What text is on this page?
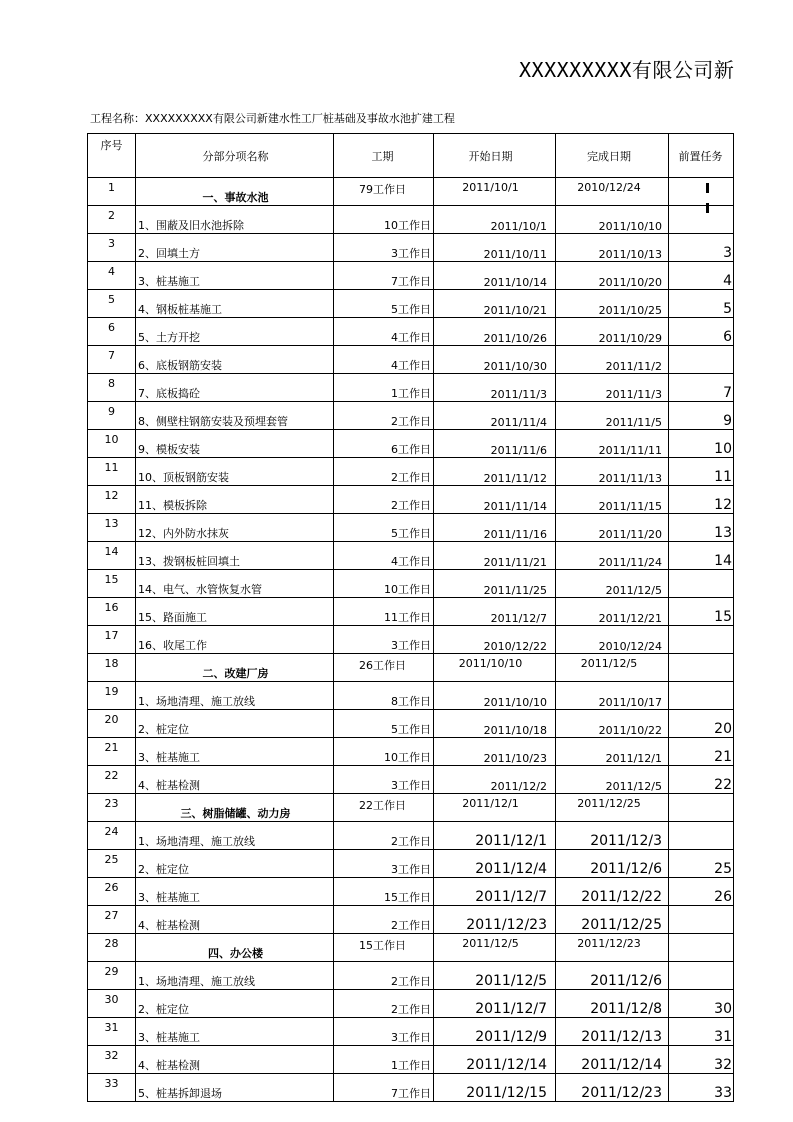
XXXXXXXXX有限公司新
工程名称：XXXXXXXXX有限公司新建水性工厂桩基础及事故水池扩建工程
序号	分部分项名称	工期	开始日期	完成日期	前置任务
1	一、事故水池	79工作日	2011/10/1	2010/12/24	
2	1、围蔽及旧水池拆除	10工作日	2011/10/1	2011/10/10	
3	2、回填土方	3工作日	2011/10/11	2011/10/13	3
4	3、桩基施工	7工作日	2011/10/14	2011/10/20	4
5	4、钢板桩基施工	5工作日	2011/10/21	2011/10/25	5
6	5、土方开挖	4工作日	2011/10/26	2011/10/29	6
7	6、底板钢筋安装	4工作日	2011/10/30	2011/11/2	
8	7、底板捣砼	1工作日	2011/11/3	2011/11/3	7
9	8、侧壁柱钢筋安装及预埋套管	2工作日	2011/11/4	2011/11/5	9
10	9、模板安装	6工作日	2011/11/6	2011/11/11	10
11	10、顶板钢筋安装	2工作日	2011/11/12	2011/11/13	11
12	11、模板拆除	2工作日	2011/11/14	2011/11/15	12
13	12、内外防水抹灰	5工作日	2011/11/16	2011/11/20	13
14	13、拨钢板桩回填土	4工作日	2011/11/21	2011/11/24	14
15	14、电气、水管恢复水管	10工作日	2011/11/25	2011/12/5	
16	15、路面施工	11工作日	2011/12/7	2011/12/21	15
17	16、收尾工作	3工作日	2010/12/22	2010/12/24	
18	二、改建厂房	26工作日	2011/10/10	2011/12/5	
19	1、场地清理、施工放线	8工作日	2011/10/10	2011/10/17	
20	2、桩定位	5工作日	2011/10/18	2011/10/22	20
21	3、桩基施工	10工作日	2011/10/23	2011/12/1	21
22	4、桩基检测	3工作日	2011/12/2	2011/12/5	22
23	三、树脂储罐、动力房	22工作日	2011/12/1	2011/12/25	
24	1、场地清理、施工放线	2工作日	2011/12/1	2011/12/3	
25	2、桩定位	3工作日	2011/12/4	2011/12/6	25
26	3、桩基施工	15工作日	2011/12/7	2011/12/22	26
27	4、桩基检测	2工作日	2011/12/23	2011/12/25	
28	四、办公楼	15工作日	2011/12/5	2011/12/23	
29	1、场地清理、施工放线	2工作日	2011/12/5	2011/12/6	
30	2、桩定位	2工作日	2011/12/7	2011/12/8	30
31	3、桩基施工	3工作日	2011/12/9	2011/12/13	31
32	4、桩基检测	1工作日	2011/12/14	2011/12/14	32
33	5、桩基拆卸退场	7工作日	2011/12/15	2011/12/23	33
